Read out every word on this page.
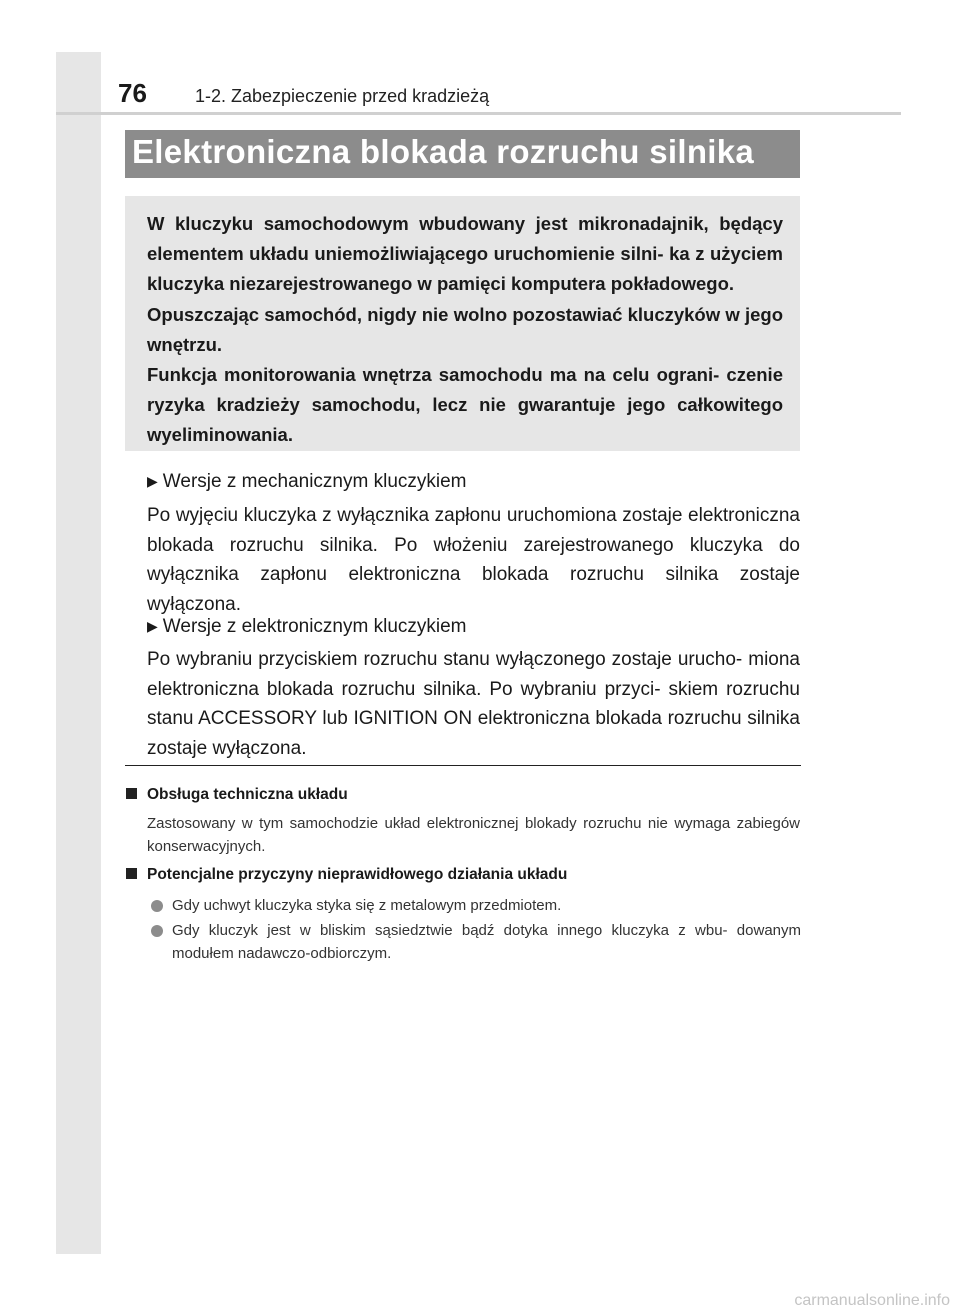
76	1-2. Zabezpieczenie przed kradzieżą
Elektroniczna blokada rozruchu silnika

W kluczyku samochodowym wbudowany jest mikronadajnik, będący elementem układu uniemożliwiającego uruchomienie silni- ka z użyciem kluczyka niezarejestrowanego w pamięci komputera pokładowego.

Opuszczając samochód, nigdy nie wolno pozostawiać kluczyków w jego wnętrzu.

Funkcja monitorowania wnętrza samochodu ma na celu ograni- czenie ryzyka kradzieży samochodu, lecz nie gwarantuje jego całkowitego wyeliminowania.

▶ Wersje z mechanicznym kluczykiem
Po wyjęciu kluczyka z wyłącznika zapłonu uruchomiona zostaje elektroniczna blokada rozruchu silnika. Po włożeniu zarejestrowanego kluczyka do wyłącznika zapłonu elektroniczna blokada rozruchu silnika zostaje wyłączona.
▶ Wersje z elektronicznym kluczykiem
Po wybraniu przyciskiem rozruchu stanu wyłączonego zostaje urucho- miona elektroniczna blokada rozruchu silnika. Po wybraniu przyci- skiem rozruchu stanu ACCESSORY lub IGNITION ON elektroniczna blokada rozruchu silnika zostaje wyłączona.
Obsługa techniczna układu
Zastosowany w tym samochodzie układ elektronicznej blokady rozruchu nie wymaga zabiegów konserwacyjnych.
Potencjalne przyczyny nieprawidłowego działania układu
Gdy uchwyt kluczyka styka się z metalowym przedmiotem.
Gdy kluczyk jest w bliskim sąsiedztwie bądź dotyka innego kluczyka z wbu- dowanym modułem nadawczo-odbiorczym.
carmanualsonline.info
